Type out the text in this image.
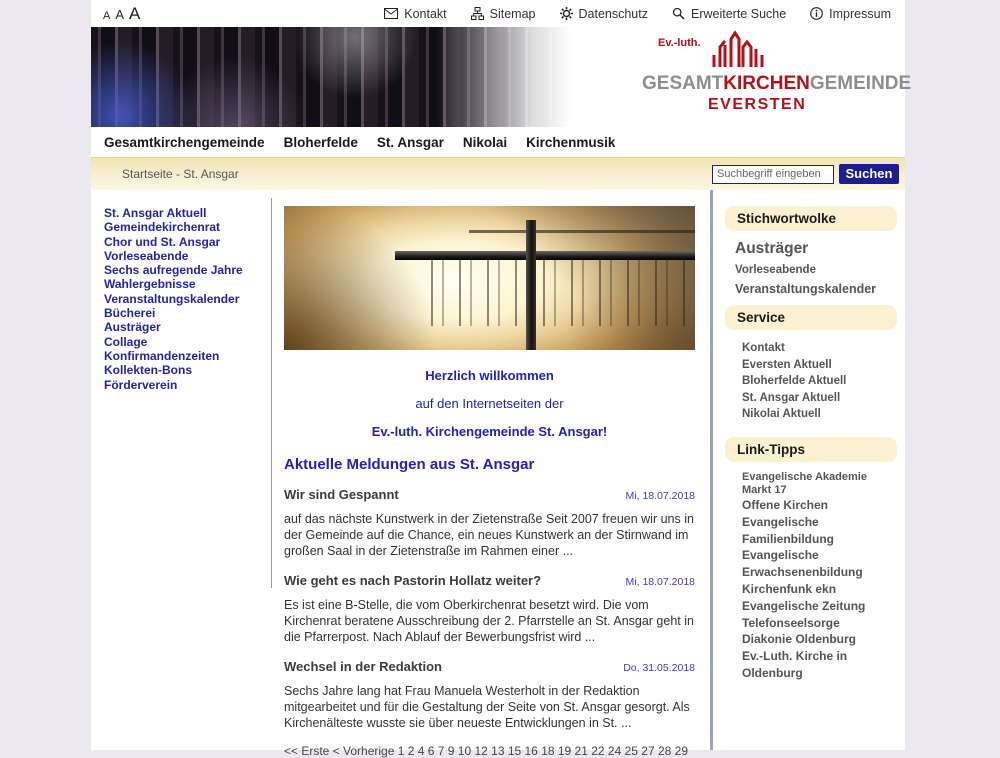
A A A	Kontakt	Sitemap	Datenschutz	Erweiterte Suche	Impressum
Ev.-luth.
GESAMTKIRCHENGEMEINDE
EVERSTEN
Gesamtkirchengemeinde Bloherfelde St. Ansgar Nikolai Kirchenmusik
Startseite - St. Ansgar
Suchbegriff eingeben	Suchen
St. Ansgar Aktuell
Gemeindekirchenrat
Chor und St. Ansgar
Vorleseabende
Sechs aufregende Jahre
Wahlergebnisse
Veranstaltungskalender
Bücherei
Austräger
Collage
Konfirmandenzeiten
Kollekten-Bons
Förderverein
Herzlich willkommen
auf den Internetseiten der
Ev.-luth. Kirchengemeinde St. Ansgar!
Aktuelle Meldungen aus St. Ansgar
Wir sind Gespannt	Mi, 18.07.2018
auf das nächste Kunstwerk in der Zietenstraße Seit 2007 freuen wir uns in der Gemeinde auf die Chance, ein neues Kunstwerk an der Stirnwand im großen Saal in der Zietenstraße im Rahmen einer ...
Wie geht es nach Pastorin Hollatz weiter?	Mi, 18.07.2018
Es ist eine B-Stelle, die vom Oberkirchenrat besetzt wird. Die vom Kirchenrat beratene Ausschreibung der 2. Pfarrstelle an St. Ansgar geht in die Pfarrerpost. Nach Ablauf der Bewerbungsfrist wird ...
Wechsel in der Redaktion	Do, 31.05.2018
Sechs Jahre lang hat Frau Manuela Westerholt in der Redaktion mitgearbeitet und für die Gestaltung der Seite von St. Ansgar gesorgt. Als Kirchenälteste wusste sie über neueste Entwicklungen in St. ...
<< Erste < Vorherige 1 2 4 6 7 9 10 12 13 15 16 18 19 21 22 24 25 27 28 29
Stichwortwolke
Austräger Vorleseabende Veranstaltungskalender
Service
Kontakt
Eversten Aktuell
Bloherfelde Aktuell
St. Ansgar Aktuell
Nikolai Aktuell
Link-Tipps
Evangelische Akademie
Markt 17
Offene Kirchen
Evangelische Familienbildung
Evangelische Erwachsenenbildung
Kirchenfunk ekn
Evangelische Zeitung
Telefonseelsorge
Diakonie Oldenburg
Ev.-Luth. Kirche in Oldenburg
